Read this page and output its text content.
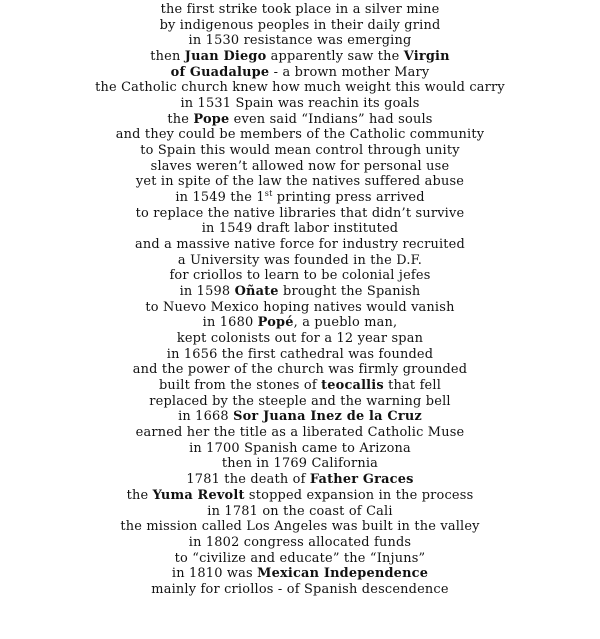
the first strike took place in a silver mine
by indigenous peoples in their daily grind
in 1530 resistance was emerging
then Juan Diego apparently saw the Virgin
of Guadalupe - a brown mother Mary
the Catholic church knew how much weight this would carry
in 1531 Spain was reachin its goals
the Pope even said “Indians” had souls
and they could be members of the Catholic community
to Spain this would mean control through unity
slaves weren’t allowed now for personal use
yet in spite of the law the natives suffered abuse
in 1549 the 1st printing press arrived
to replace the native libraries that didn’t survive
in 1549 draft labor instituted
and a massive native force for industry recruited
a University was founded in the D.F.
for criollos to learn to be colonial jefes
in 1598 Oñate brought the Spanish
to Nuevo Mexico hoping natives would vanish
in 1680 Popé, a pueblo man,
kept colonists out for a 12 year span
in 1656 the first cathedral was founded
and the power of the church was firmly grounded
built from the stones of teocallis that fell
replaced by the steeple and the warning bell
in 1668 Sor Juana Inez de la Cruz
earned her the title as a liberated Catholic Muse
in 1700 Spanish came to Arizona
then in 1769 California
1781 the death of Father Graces
the Yuma Revolt stopped expansion in the process
in 1781 on the coast of Cali
the mission called Los Angeles was built in the valley
in 1802 congress allocated funds
to “civilize and educate” the “Injuns”
in 1810 was Mexican Independence
mainly for criollos - of Spanish descendence
